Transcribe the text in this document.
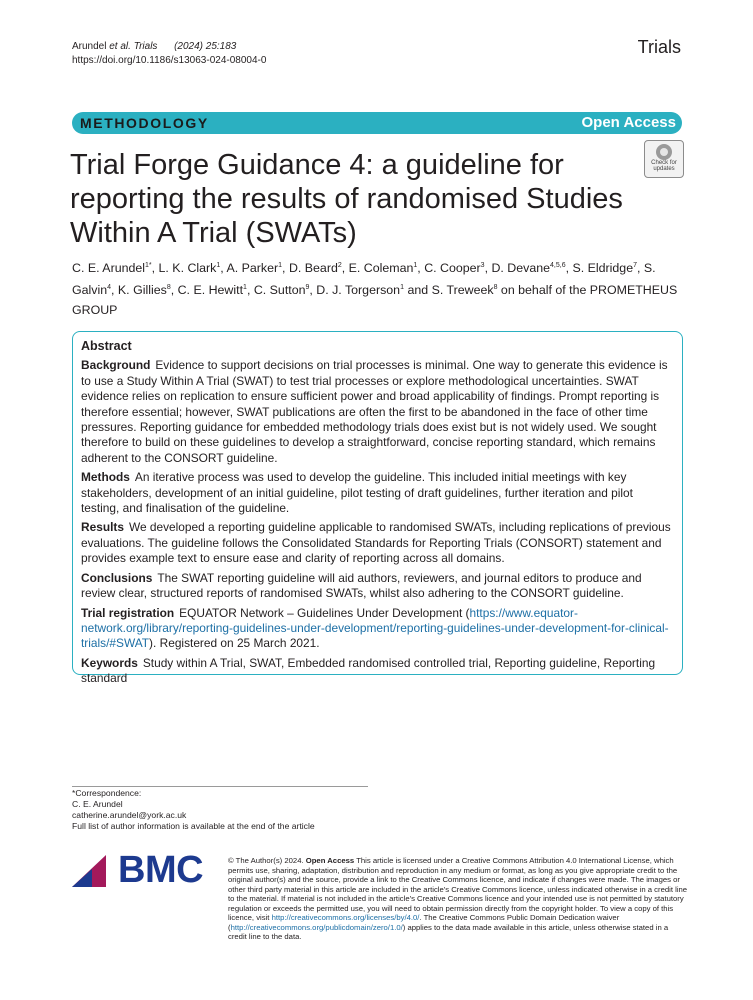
Arundel et al. Trials (2024) 25:183
https://doi.org/10.1186/s13063-024-08004-0
Trials
METHODOLOGY	Open Access
Check for
updates
Trial Forge Guidance 4: a guideline for reporting the results of randomised Studies Within A Trial (SWATs)
C. E. Arundel$^{1*}$, L. K. Clark$^1$, A. Parker$^1$, D. Beard$^2$, E. Coleman$^1$, C. Cooper$^3$, D. Devane$^{4,5,6}$, S. Eldridge$^7$, S. Galvin$^4$, K. Gillies$^8$, C. E. Hewitt$^1$, C. Sutton$^9$, D. J. Torgerson$^1$ and S. Treweek$^8$ on behalf of the PROMETHEUS GROUP
Abstract

Background Evidence to support decisions on trial processes is minimal. One way to generate this evidence is to use a Study Within A Trial (SWAT) to test trial processes or explore methodological uncertainties. SWAT evidence relies on replication to ensure sufficient power and broad applicability of findings. Prompt reporting is therefore essential; however, SWAT publications are often the first to be abandoned in the face of other time pressures. Reporting guidance for embedded methodology trials does exist but is not widely used. We sought therefore to build on these guidelines to develop a straightforward, concise reporting standard, which remains adherent to the CONSORT guideline.

Methods An iterative process was used to develop the guideline. This included initial meetings with key stakeholders, development of an initial guideline, pilot testing of draft guidelines, further iteration and pilot testing, and finalisation of the guideline.

Results We developed a reporting guideline applicable to randomised SWATs, including replications of previous evaluations. The guideline follows the Consolidated Standards for Reporting Trials (CONSORT) statement and provides example text to ensure ease and clarity of reporting across all domains.

Conclusions The SWAT reporting guideline will aid authors, reviewers, and journal editors to produce and review clear, structured reports of randomised SWATs, whilst also adhering to the CONSORT guideline.

Trial registration EQUATOR Network – Guidelines Under Development (https://www.equator-network.org/library/reporting-guidelines-under-development/reporting-guidelines-under-development-for-clinical-trials/#SWAT). Registered on 25 March 2021.

Keywords Study within A Trial, SWAT, Embedded randomised controlled trial, Reporting guideline, Reporting standard

*Correspondence:
C. E. Arundel
catherine.arundel@york.ac.uk
Full list of author information is available at the end of the article
BMC	© The Author(s) 2024. Open Access This article is licensed under a Creative Commons Attribution 4.0 International License, which permits use, sharing, adaptation, distribution and reproduction in any medium or format, as long as you give appropriate credit to the original author(s) and the source, provide a link to the Creative Commons licence, and indicate if changes were made. The images or other third party material in this article are included in the article's Creative Commons licence, unless indicated otherwise in a credit line to the material. If material is not included in the article's Creative Commons licence and your intended use is not permitted by statutory regulation or exceeds the permitted use, you will need to obtain permission directly from the copyright holder. To view a copy of this licence, visit http://creativecommons.org/licenses/by/4.0/. The Creative Commons Public Domain Dedication waiver (http://creativecommons.org/publicdomain/zero/1.0/) applies to the data made available in this article, unless otherwise stated in a credit line to the data.
